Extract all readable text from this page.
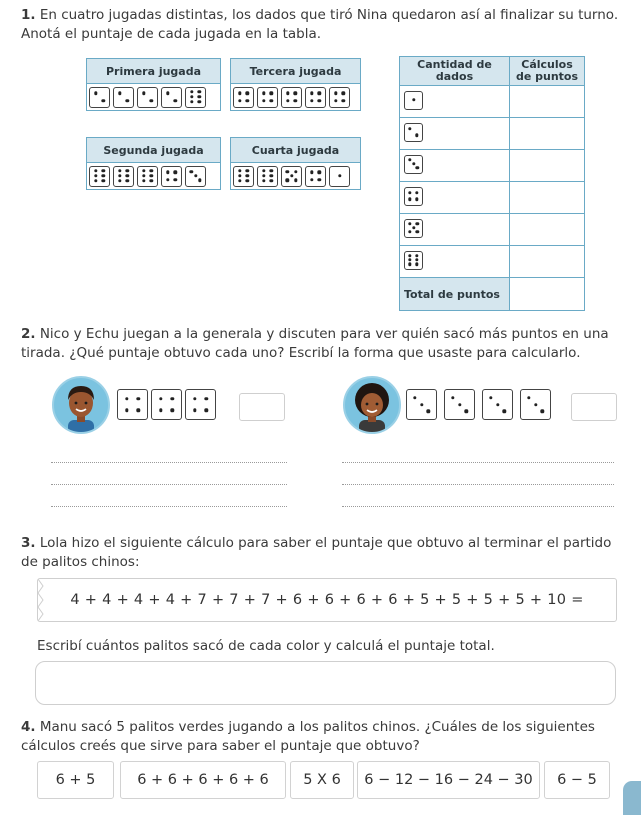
1. En cuatro jugadas distintas, los dados que tiró Nina quedaron así al finalizar su turno. Anotá el puntaje de cada jugada en la tabla.
Primera jugada	Tercera jugada

Segunda jugada	Cuarta jugada

Cantidad de dados	Cálculos de puntos

Total de puntos	
2. Nico y Echu juegan a la generala y discuten para ver quién sacó más puntos en una tirada. ¿Qué puntaje obtuvo cada uno? Escribí la forma que usaste para calcularlo.
3. Lola hizo el siguiente cálculo para saber el puntaje que obtuvo al terminar el partido de palitos chinos:
4 + 4 + 4 + 4 + 7 + 7 + 7 + 6 + 6 + 6 + 6 + 5 + 5 + 5 + 5 + 10 =
Escribí cuántos palitos sacó de cada color y calculá el puntaje total.
4. Manu sacó 5 palitos verdes jugando a los palitos chinos. ¿Cuáles de los siguientes cálculos creés que sirve para saber el puntaje que obtuvo?
6 + 5	6 + 6 + 6 + 6 + 6 5 X 6 6 − 12 − 16 − 24 − 30 6 − 5
